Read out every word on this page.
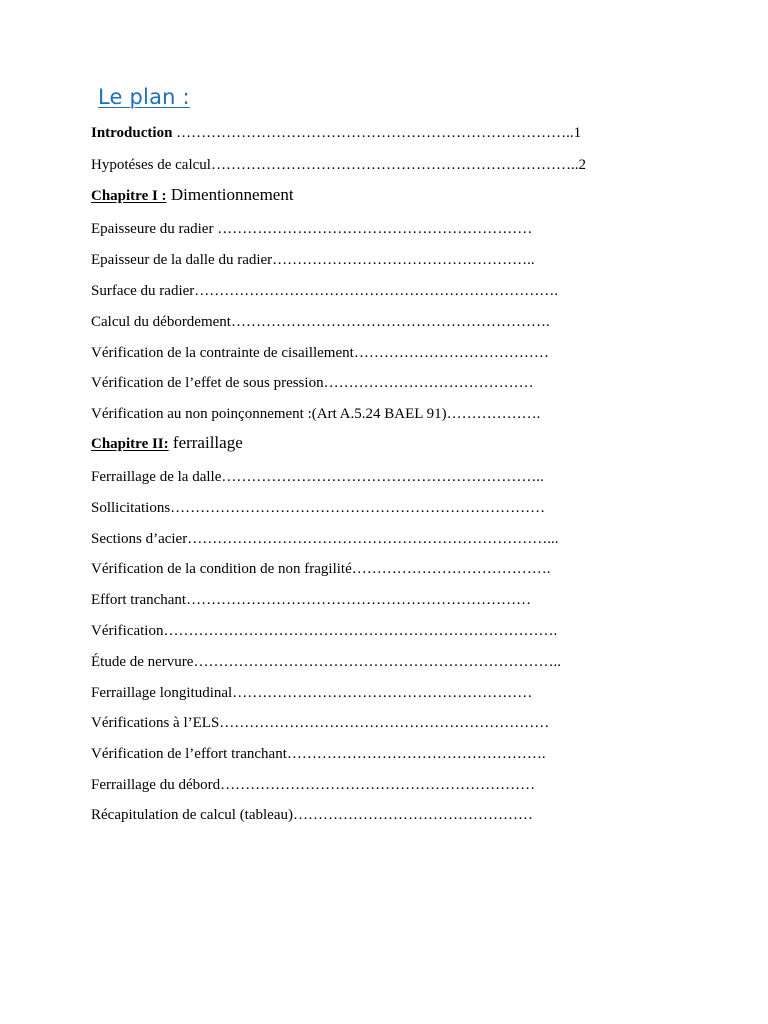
Le plan :
Introduction ……………………………………………………………………..1
Hypotéses de calcul………………………………………………………………..2
Chapitre I : Dimentionnement
Epaisseure du radier ………………………………………………………
Epaisseur de la dalle du radier……………………………………………..
Surface du radier……………………………………………………………….
Calcul du débordement……………………………………………………….
Vérification de la contrainte de cisaillement…………………………………
Vérification de l’effet de sous pression……………………………………
Vérification au non poinçonnement :(Art A.5.24 BAEL 91)……………….
Chapitre II: ferraillage
Ferraillage de la dalle………………………………………………………..
Sollicitations…………………………………………………………………
Sections d’acier………………………………………………………………...
Vérification de la condition de non fragilité………………………………….
Effort tranchant……………………………………………………………
Vérification…………………………………………………………………….
Étude de nervure………………………………………………………………..
Ferraillage longitudinal……………………………………………………
Vérifications à l’ELS…………………………………………………………
Vérification de l’effort tranchant…………………………………………….
Ferraillage du débord………………………………………………………
Récapitulation de calcul (tableau)…………………………………………
